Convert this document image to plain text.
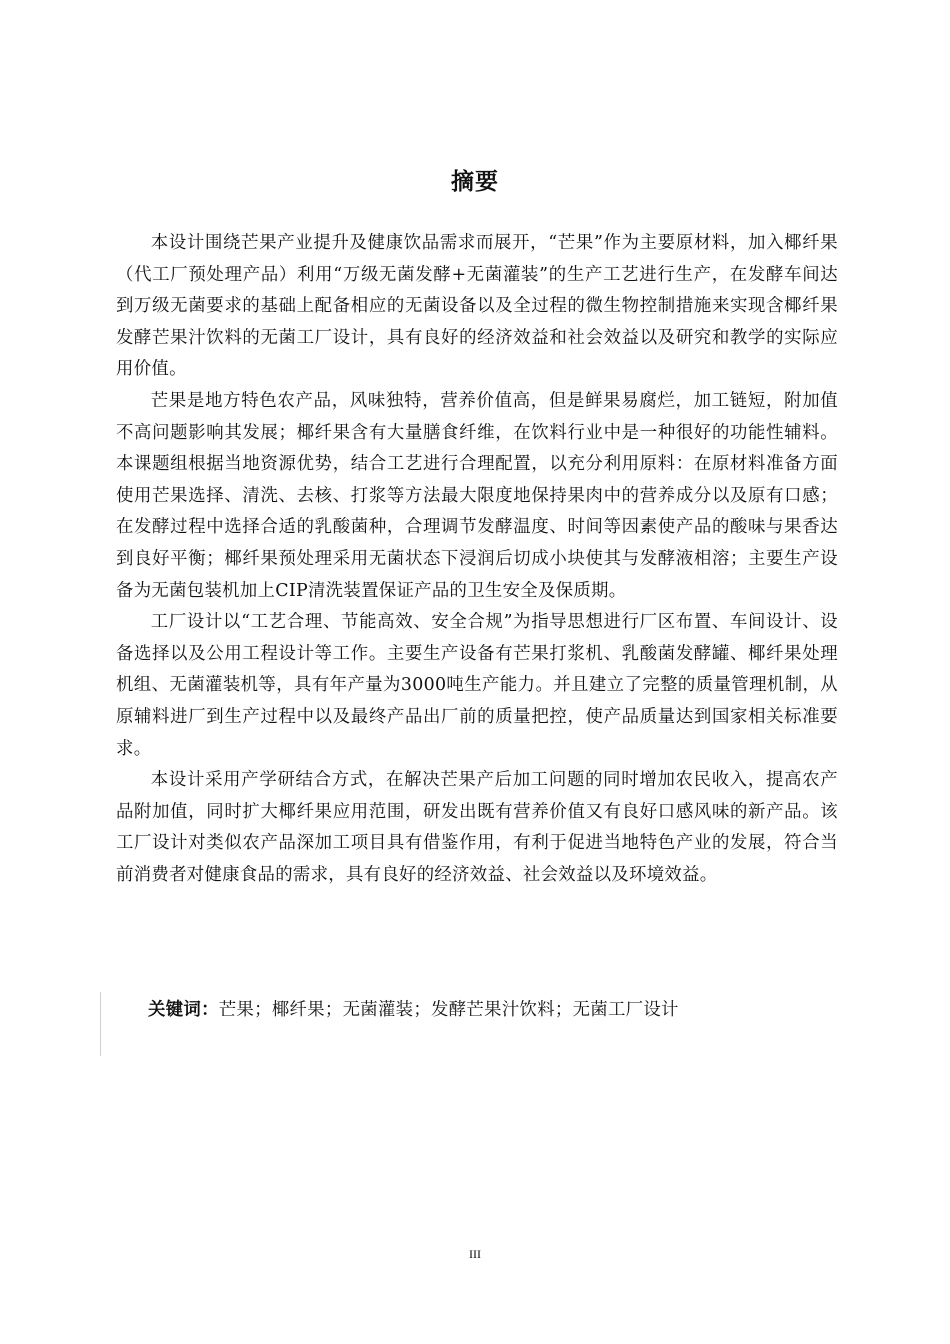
摘要

本设计围绕芒果产业提升及健康饮品需求而展开，“芒果”作为主要原材料，加入椰纤果（代工厂预处理产品）利用“万级无菌发酵+无菌灌装”的生产工艺进行生产，在发酵车间达到万级无菌要求的基础上配备相应的无菌设备以及全过程的微生物控制措施来实现含椰纤果发酵芒果汁饮料的无菌工厂设计，具有良好的经济效益和社会效益以及研究和教学的实际应用价值。

芒果是地方特色农产品，风味独特，营养价值高，但是鲜果易腐烂，加工链短，附加值不高问题影响其发展；椰纤果含有大量膳食纤维，在饮料行业中是一种很好的功能性辅料。本课题组根据当地资源优势，结合工艺进行合理配置，以充分利用原料：在原材料准备方面使用芒果选择、清洗、去核、打浆等方法最大限度地保持果肉中的营养成分以及原有口感；在发酵过程中选择合适的乳酸菌种，合理调节发酵温度、时间等因素使产品的酸味与果香达到良好平衡；椰纤果预处理采用无菌状态下浸润后切成小块使其与发酵液相溶；主要生产设备为无菌包装机加上CIP清洗装置保证产品的卫生安全及保质期。

工厂设计以“工艺合理、节能高效、安全合规”为指导思想进行厂区布置、车间设计、设备选择以及公用工程设计等工作。主要生产设备有芒果打浆机、乳酸菌发酵罐、椰纤果处理机组、无菌灌装机等，具有年产量为3000吨生产能力。并且建立了完整的质量管理机制，从原辅料进厂到生产过程中以及最终产品出厂前的质量把控，使产品质量达到国家相关标准要求。

本设计采用产学研结合方式，在解决芒果产后加工问题的同时增加农民收入，提高农产品附加值，同时扩大椰纤果应用范围，研发出既有营养价值又有良好口感风味的新产品。该工厂设计对类似农产品深加工项目具有借鉴作用，有利于促进当地特色产业的发展，符合当前消费者对健康食品的需求，具有良好的经济效益、社会效益以及环境效益。

关键词：芒果；椰纤果；无菌灌装；发酵芒果汁饮料；无菌工厂设计

III
